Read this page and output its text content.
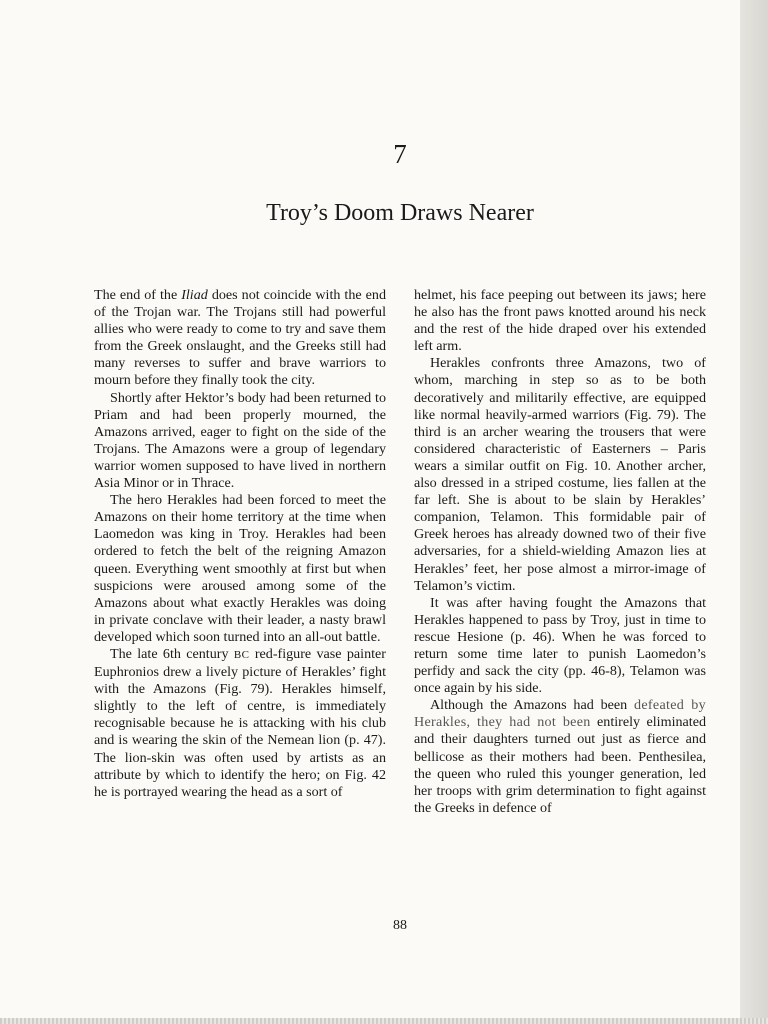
7
Troy’s Doom Draws Nearer

The end of the Iliad does not coincide with the end of the Trojan war. The Trojans still had powerful allies who were ready to come to try and save them from the Greek onslaught, and the Greeks still had many reverses to suffer and brave warriors to mourn before they finally took the city.

Shortly after Hektor’s body had been returned to Priam and had been properly mourned, the Amazons arrived, eager to fight on the side of the Trojans. The Amazons were a group of legendary warrior women supposed to have lived in northern Asia Minor or in Thrace.

The hero Herakles had been forced to meet the Amazons on their home territory at the time when Laomedon was king in Troy. Herakles had been ordered to fetch the belt of the reigning Amazon queen. Everything went smoothly at first but when suspicions were aroused among some of the Amazons about what exactly Herakles was doing in private conclave with their leader, a nasty brawl developed which soon turned into an all-out battle.

The late 6th century BC red-figure vase painter Euphronios drew a lively picture of Herakles’ fight with the Amazons (Fig. 79). Herakles himself, slightly to the left of centre, is immediately recognisable because he is attacking with his club and is wearing the skin of the Nemean lion (p. 47). The lion-skin was often used by artists as an attribute by which to identify the hero; on Fig. 42 he is portrayed wearing the head as a sort of

helmet, his face peeping out between its jaws; here he also has the front paws knotted around his neck and the rest of the hide draped over his extended left arm.

Herakles confronts three Amazons, two of whom, marching in step so as to be both decoratively and militarily effective, are equipped like normal heavily-armed warriors (Fig. 79). The third is an archer wearing the trousers that were considered characteristic of Easterners – Paris wears a similar outfit on Fig. 10. Another archer, also dressed in a striped costume, lies fallen at the far left. She is about to be slain by Herakles’ companion, Telamon. This formidable pair of Greek heroes has already downed two of their five adversaries, for a shield-wielding Amazon lies at Herakles’ feet, her pose almost a mirror-image of Telamon’s victim.

It was after having fought the Amazons that Herakles happened to pass by Troy, just in time to rescue Hesione (p. 46). When he was forced to return some time later to punish Laomedon’s perfidy and sack the city (pp. 46-8), Telamon was once again by his side.

Although the Amazons had been defeated by Herakles, they had not been entirely eliminated and their daughters turned out just as fierce and bellicose as their mothers had been. Penthesilea, the queen who ruled this younger generation, led her troops with grim determination to fight against the Greeks in defence of

88
